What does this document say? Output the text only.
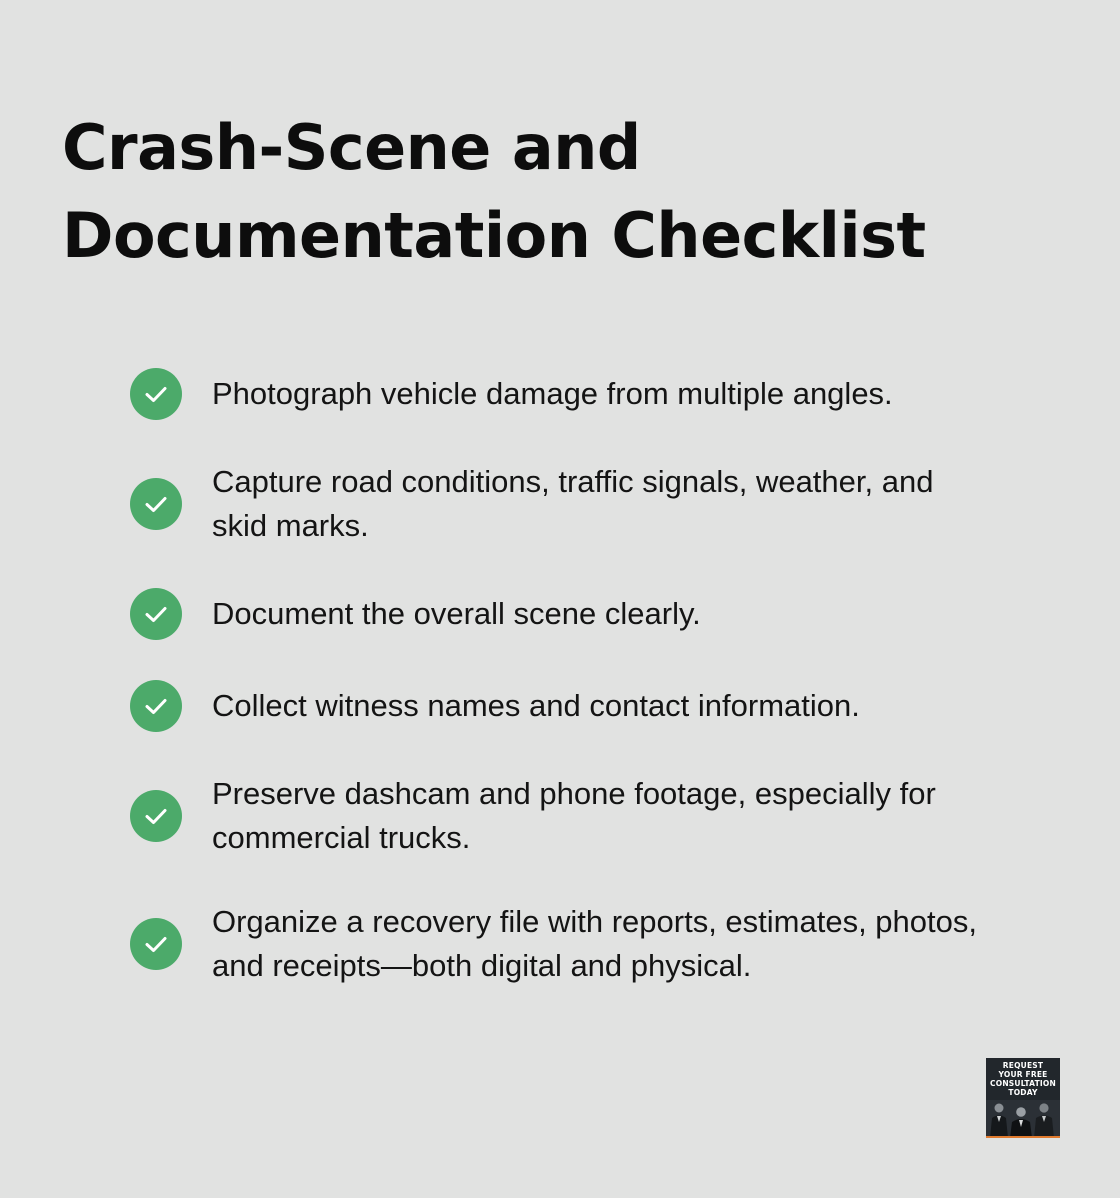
Crash-Scene and
Documentation Checklist
Photograph vehicle damage from multiple angles.
Capture road conditions, traffic signals, weather, and
skid marks.
Document the overall scene clearly.
Collect witness names and contact information.
Preserve dashcam and phone footage, especially for
commercial trucks.
Organize a recovery file with reports, estimates, photos,
and receipts—both digital and physical.
REQUEST
YOUR FREE
CONSULTATION
TODAY
